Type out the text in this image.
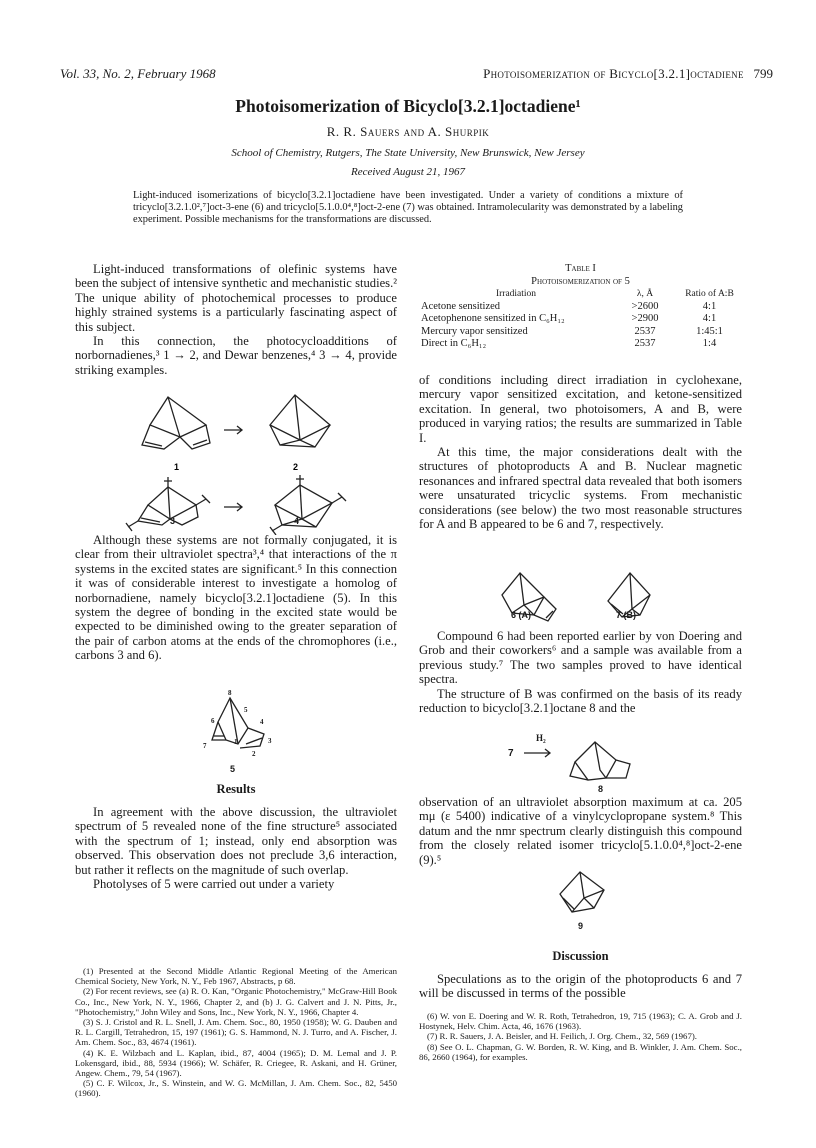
Vol. 33, No. 2, February 1968	Photoisomerization of Bicyclo[3.2.1]octadiene 799
Photoisomerization of Bicyclo[3.2.1]octadiene¹
R. R. Sauers and A. Shurpik
School of Chemistry, Rutgers, The State University, New Brunswick, New Jersey
Received August 21, 1967
Light-induced isomerizations of bicyclo[3.2.1]octadiene have been investigated. Under a variety of conditions a mixture of tricyclo[3.2.1.0²,⁷]oct-3-ene (6) and tricyclo[5.1.0.0⁴,⁸]oct-2-ene (7) was obtained. Intramolecularity was demonstrated by a labeling experiment. Possible mechanisms for the transformations are discussed.

Light-induced transformations of olefinic systems have been the subject of intensive synthetic and mechanistic studies.² The unique ability of photochemical processes to produce highly strained systems is a particularly fascinating aspect of this subject.

In this connection, the photocycloadditions of norbornadienes,³ 1 → 2, and Dewar benzenes,⁴ 3 → 4, provide striking examples.

1	2
3	4

Although these systems are not formally conjugated, it is clear from their ultraviolet spectra³,⁴ that interactions of the π systems in the excited states are significant.⁵ In this connection it was of considerable interest to investigate a homolog of norbornadiene, namely bicyclo[3.2.1]octadiene (5). In this system the degree of bonding in the excited state would be expected to be diminished owing to the greater separation of the pair of carbon atoms at the ends of the chromophores (i.e., carbons 3 and 6).

8
6
5
4
3
2
1
7
5
Results

In agreement with the above discussion, the ultraviolet spectrum of 5 revealed none of the fine structure⁵ associated with the spectrum of 1; instead, only end absorption was observed. This observation does not preclude 3,6 interaction, but rather it reflects on the magnitude of such overlap.

Photolyses of 5 were carried out under a variety

(1) Presented at the Second Middle Atlantic Regional Meeting of the American Chemical Society, New York, N. Y., Feb 1967, Abstracts, p 68.
(2) For recent reviews, see (a) R. O. Kan, "Organic Photochemistry," McGraw-Hill Book Co., Inc., New York, N. Y., 1966, Chapter 2, and (b) J. G. Calvert and J. N. Pitts, Jr., "Photochemistry," John Wiley and Sons, Inc., New York, N. Y., 1966, Chapter 4.
(3) S. J. Cristol and R. L. Snell, J. Am. Chem. Soc., 80, 1950 (1958); W. G. Dauben and R. L. Cargill, Tetrahedron, 15, 197 (1961); G. S. Hammond, N. J. Turro, and A. Fischer, J. Am. Chem. Soc., 83, 4674 (1961).
(4) K. E. Wilzbach and L. Kaplan, ibid., 87, 4004 (1965); D. M. Lemal and J. P. Lokensgard, ibid., 88, 5934 (1966); W. Schäfer, R. Criegee, R. Askani, and H. Grüner, Angew. Chem., 79, 54 (1967).
(5) C. F. Wilcox, Jr., S. Winstein, and W. G. McMillan, J. Am. Chem. Soc., 82, 5450 (1960).
Table I
Photoisomerization of 5
Irradiation	λ, Å	Ratio of A:B
Acetone sensitized	>2600	4:1
Acetophenone sensitized in C₆H₁₂	>2900	4:1
Mercury vapor sensitized	2537	1:45:1
Direct in C₆H₁₂	2537	1:4

of conditions including direct irradiation in cyclohexane, mercury vapor sensitized excitation, and ketone-sensitized excitation. In general, two photoisomers, A and B, were produced in varying ratios; the results are summarized in Table I.

At this time, the major considerations dealt with the structures of photoproducts A and B. Nuclear magnetic resonances and infrared spectral data revealed that both isomers were unsaturated tricyclic systems. From mechanistic considerations (see below) the two most reasonable structures for A and B appeared to be 6 and 7, respectively.

6 (A)	7 (B)

Compound 6 had been reported earlier by von Doering and Grob and their coworkers⁶ and a sample was available from a previous study.⁷ The two samples proved to have identical spectra.

The structure of B was confirmed on the basis of its ready reduction to bicyclo[3.2.1]octane 8 and the

7
H₂
8

observation of an ultraviolet absorption maximum at ca. 205 mμ (ε 5400) indicative of a vinylcyclopropane system.⁸ This datum and the nmr spectrum clearly distinguish this compound from the closely related isomer tricyclo[5.1.0.0⁴,⁸]oct-2-ene (9).⁵

9
Discussion

Speculations as to the origin of the photoproducts 6 and 7 will be discussed in terms of the possible

(6) W. von E. Doering and W. R. Roth, Tetrahedron, 19, 715 (1963); C. A. Grob and J. Hostynek, Helv. Chim. Acta, 46, 1676 (1963).
(7) R. R. Sauers, J. A. Beisler, and H. Feilich, J. Org. Chem., 32, 569 (1967).
(8) See O. L. Chapman, G. W. Borden, R. W. King, and B. Winkler, J. Am. Chem. Soc., 86, 2660 (1964), for examples.
